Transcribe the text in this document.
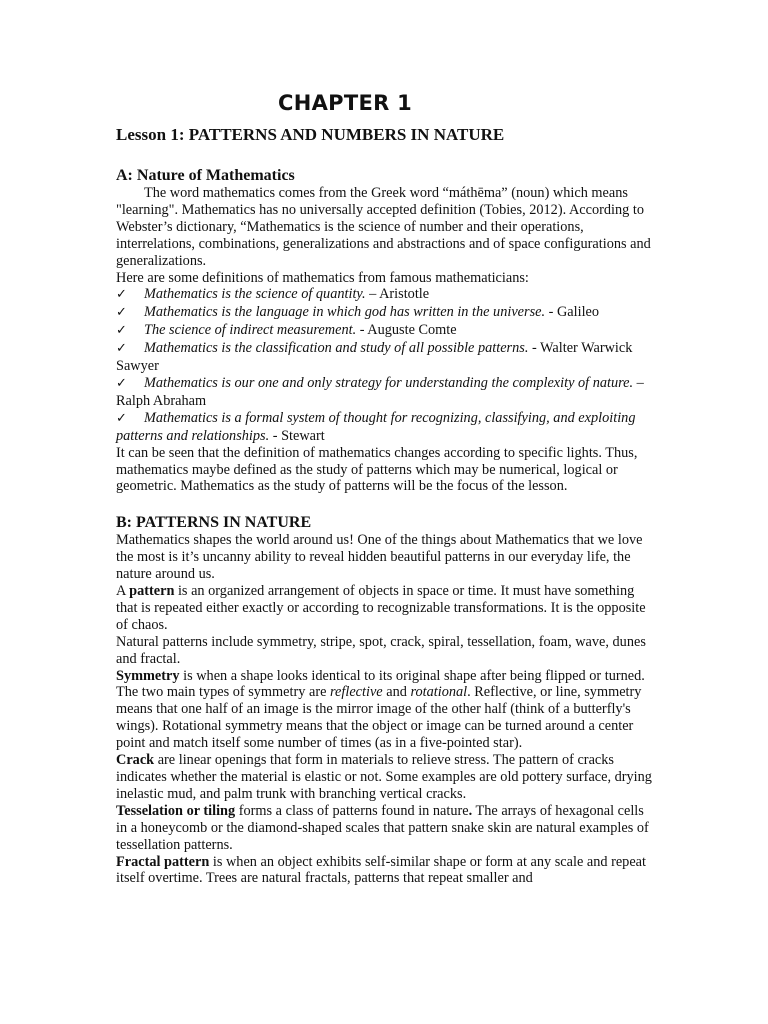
CHAPTER 1
Lesson 1: PATTERNS AND NUMBERS IN NATURE
A: Nature of Mathematics

The word mathematics comes from the Greek word “máthēma” (noun) which means "learning". Mathematics has no universally accepted definition (Tobies, 2012). According to Webster’s dictionary, “Mathematics is the science of number and their operations, interrelations, combinations, generalizations and abstractions and of space configurations and generalizations.

Here are some definitions of mathematics from famous mathematicians:

✓ Mathematics is the science of quantity. – Aristotle

✓ Mathematics is the language in which god has written in the universe. - Galileo

✓ The science of indirect measurement. - Auguste Comte

✓ Mathematics is the classification and study of all possible patterns. - Walter Warwick Sawyer

✓ Mathematics is our one and only strategy for understanding the complexity of nature. – Ralph Abraham

✓ Mathematics is a formal system of thought for recognizing, classifying, and exploiting patterns and relationships. - Stewart

It can be seen that the definition of mathematics changes according to specific lights. Thus, mathematics maybe defined as the study of patterns which may be numerical, logical or geometric. Mathematics as the study of patterns will be the focus of the lesson.

B: PATTERNS IN NATURE

Mathematics shapes the world around us! One of the things about Mathematics that we love the most is it’s uncanny ability to reveal hidden beautiful patterns in our everyday life, the nature around us.

A pattern is an organized arrangement of objects in space or time. It must have something that is repeated either exactly or according to recognizable transformations. It is the opposite of chaos.

Natural patterns include symmetry, stripe, spot, crack, spiral, tessellation, foam, wave, dunes and fractal.

Symmetry is when a shape looks identical to its original shape after being flipped or turned. The two main types of symmetry are reflective and rotational. Reflective, or line, symmetry means that one half of an image is the mirror image of the other half (think of a butterfly's wings). Rotational symmetry means that the object or image can be turned around a center point and match itself some number of times (as in a five-pointed star).

Crack are linear openings that form in materials to relieve stress. The pattern of cracks indicates whether the material is elastic or not. Some examples are old pottery surface, drying inelastic mud, and palm trunk with branching vertical cracks.

Tesselation or tiling forms a class of patterns found in nature. The arrays of hexagonal cells in a honeycomb or the diamond-shaped scales that pattern snake skin are natural examples of tessellation patterns.

Fractal pattern is when an object exhibits self-similar shape or form at any scale and repeat itself overtime. Trees are natural fractals, patterns that repeat smaller and
